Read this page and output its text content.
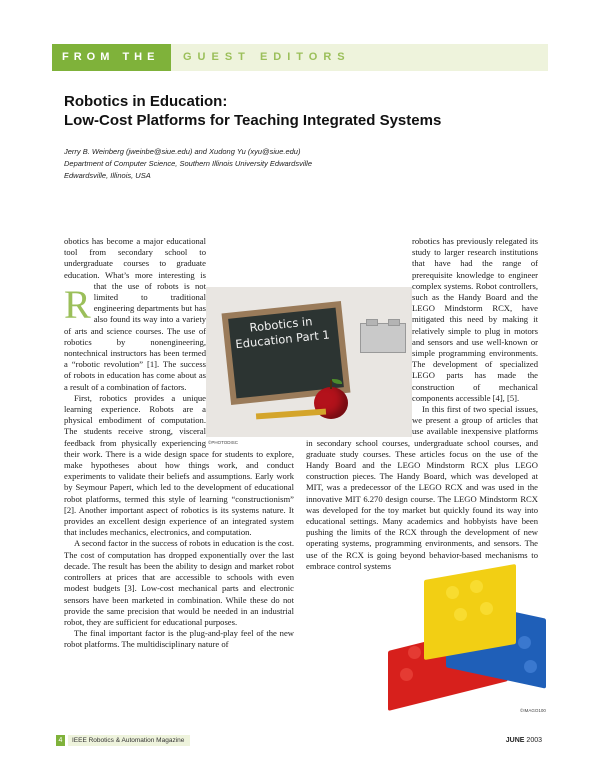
FROM THE	GUEST EDITORS
Robotics in Education:
Low-Cost Platforms for Teaching Integrated Systems
Jerry B. Weinberg (jweinbe@siue.edu) and Xudong Yu (xyu@siue.edu)
Department of Computer Science, Southern Illinois University Edwardsville
Edwardsville, Illinois, USA
R

obotics has become a major educational tool from secondary school to undergraduate courses to graduate education. What’s more interesting is that the use of robots is not limited to traditional engineering departments but has also found its way into a variety of arts and science courses. The use of robotics by nonengineering, nontechnical instructors has been termed a “robotic revolution” [1]. The success of robots in education has come about as a result of a combination of factors.

First, robotics provides a unique learning experience. Robots are a physical embodiment of computation. The students receive strong, visceral feedback from physically experiencing their work. There is a wide design space for students to explore, make hypotheses about how things work, and conduct experiments to validate their beliefs and assumptions. Early work by Seymour Papert, which led to the development of educational robot platforms, termed this style of learning “constructionism” [2]. Another important aspect of robotics is its systems nature. It provides an excellent design experience of an integrated system that includes mechanics, electronics, and computation.

A second factor in the success of robots in education is the cost. The cost of computation has dropped exponentially over the last decade. The result has been the ability to design and market robot controllers at prices that are accessible to schools with even modest budgets [3]. Low-cost mechanical parts and electronic sensors have been marketed in combination. While these do not provide the same precision that would be needed in an industrial robot, they are sufficient for educational purposes.

The final important factor is the plug-and-play feel of the new robot platforms. The multidisciplinary nature of

robotics has previously relegated its study to larger research institutions that have had the range of prerequisite knowledge to engineer complex systems. Robot controllers, such as the Handy Board and the LEGO Mindstorm RCX, have mitigated this need by making it relatively simple to plug in motors and sensors and use well-known or simple programming environments. The development of specialized LEGO parts has made the construction of mechanical components accessible [4], [5].

In this first of two special issues, we present a group of articles that use available inexpensive platforms in secondary school courses, undergraduate school courses, and graduate study courses. These articles focus on the use of the Handy Board and the LEGO Mindstorm RCX plus LEGO construction pieces. The Handy Board, which was developed at MIT, was a predecessor of the LEGO RCX and was used in the innovative MIT 6.270 design course. The LEGO Mindstorm RCX was developed for the toy market but quickly found its way into educational settings. Many academics and hobbyists have been pushing the limits of the RCX through the development of new operating systems, programming environments, and sensors. The use of the RCX is going beyond behavior-based mechanisms to embrace control systems

Robotics in Education Part 1
©PHOTODISC
©IMAGO100
4	IEEE Robotics & Automation Magazine	JUNE 2003
